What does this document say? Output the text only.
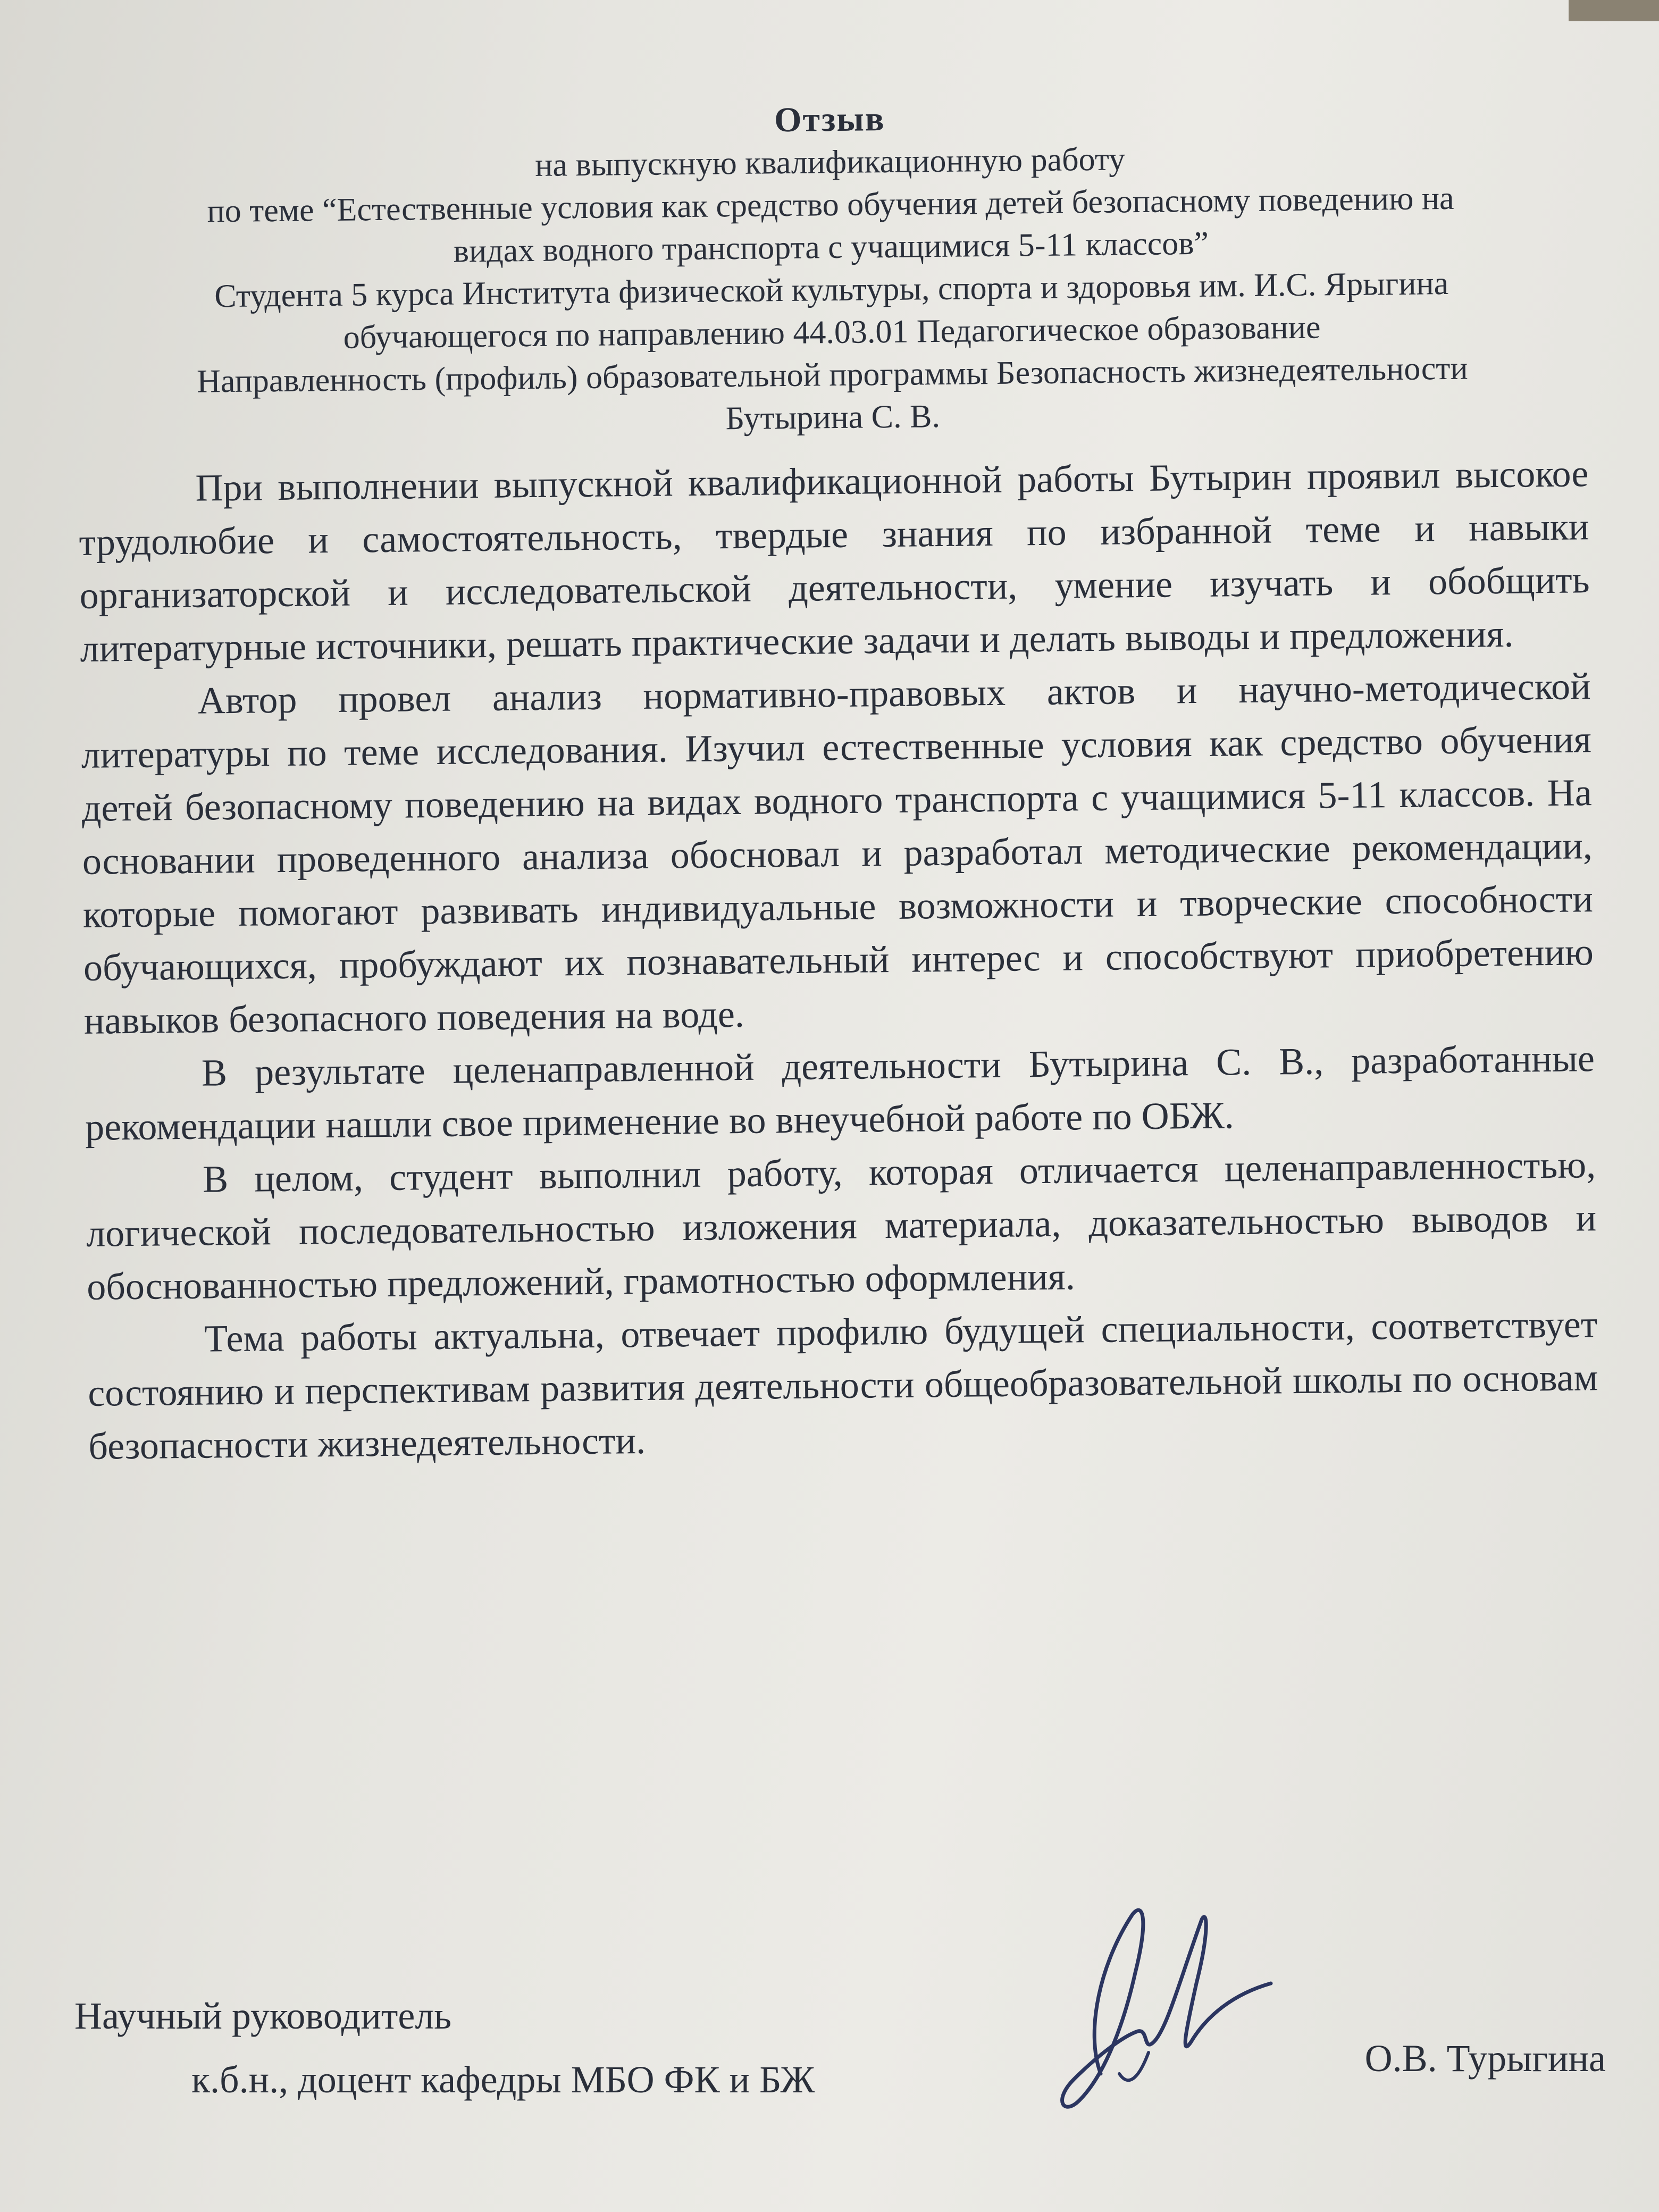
Отзыв
на выпускную квалификационную работу
по теме “Естественные условия как средство обучения детей безопасному поведению на видах водного транспорта с учащимися 5-11 классов”
Студента 5 курса Института физической культуры, спорта и здоровья им. И.С. Ярыгина обучающегося по направлению 44.03.01 Педагогическое образование
Направленность (профиль) образовательной программы Безопасность жизнедеятельности
Бутырина С. В.

При выполнении выпускной квалификационной работы Бутырин проявил высокое трудолюбие и самостоятельность, твердые знания по избранной теме и навыки организаторской и исследовательской деятельности, умение изучать и обобщить литературные источники, решать практические задачи и делать выводы и предложения.

Автор провел анализ нормативно-правовых актов и научно-методической литературы по теме исследования. Изучил естественные условия как средство обучения детей безопасному поведению на видах водного транспорта с учащимися 5-11 классов. На основании проведенного анализа обосновал и разработал методические рекомендации, которые помогают развивать индивидуальные возможности и творческие способности обучающихся, пробуждают их познавательный интерес и способствуют приобретению навыков безопасного поведения на воде.

В результате целенаправленной деятельности Бутырина С. В., разработанные рекомендации нашли свое применение во внеучебной работе по ОБЖ.

В целом, студент выполнил работу, которая отличается целенаправленностью, логической последовательностью изложения материала, доказательностью выводов и обоснованностью предложений, грамотностью оформления.

Тема работы актуальна, отвечает профилю будущей специальности, соответствует состоянию и перспективам развития деятельности общеобразовательной школы по основам безопасности жизнедеятельности.

Научный руководитель
к.б.н., доцент кафедры МБО ФК и БЖ	О.В. Турыгина
